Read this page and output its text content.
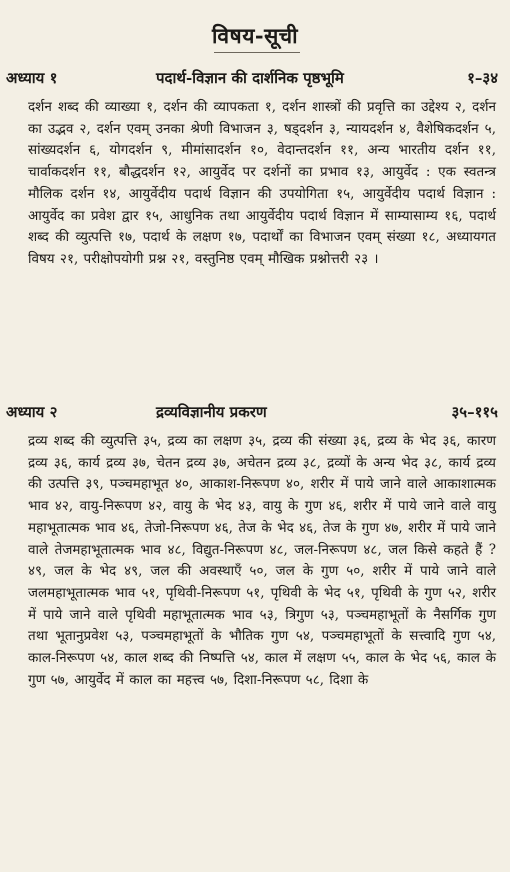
विषय-सूची
अध्याय १	पदार्थ-विज्ञान की दार्शनिक पृष्ठभूमि	१–३४

दर्शन शब्द की व्याख्या १, दर्शन की व्यापकता १, दर्शन शास्त्रों की प्रवृत्ति का उद्देश्य २, दर्शन का उद्भव २, दर्शन एवम् उनका श्रेणी विभाजन ३, षड्दर्शन ३, न्यायदर्शन ४, वैशेषिकदर्शन ५, सांख्यदर्शन ६, योगदर्शन ९, मीमांसादर्शन १०, वेदान्तदर्शन ११, अन्य भारतीय दर्शन ११, चार्वाकदर्शन ११, बौद्धदर्शन १२, आयुर्वेद पर दर्शनों का प्रभाव १३, आयुर्वेद : एक स्वतन्त्र मौलिक दर्शन १४, आयुर्वेदीय पदार्थ विज्ञान की उपयोगिता १५, आयुर्वेदीय पदार्थ विज्ञान : आयुर्वेद का प्रवेश द्वार १५, आधुनिक तथा आयुर्वेदीय पदार्थ विज्ञान में साम्यासाम्य १६, पदार्थ शब्द की व्युत्पत्ति १७, पदार्थ के लक्षण १७, पदार्थों का विभाजन एवम् संख्या १८, अध्यायगत विषय २१, परीक्षोपयोगी प्रश्न २१, वस्तुनिष्ठ एवम् मौखिक प्रश्नोत्तरी २३ ।

अध्याय २	द्रव्यविज्ञानीय प्रकरण	३५–११५

द्रव्य शब्द की व्युत्पत्ति ३५, द्रव्य का लक्षण ३५, द्रव्य की संख्या ३६, द्रव्य के भेद ३६, कारण द्रव्य ३६, कार्य द्रव्य ३७, चेतन द्रव्य ३७, अचेतन द्रव्य ३८, द्रव्यों के अन्य भेद ३८, कार्य द्रव्य की उत्पत्ति ३९, पञ्चमहाभूत ४०, आकाश-निरूपण ४०, शरीर में पाये जाने वाले आकाशात्मक भाव ४२, वायु-निरूपण ४२, वायु के भेद ४३, वायु के गुण ४६, शरीर में पाये जाने वाले वायु महाभूतात्मक भाव ४६, तेजो-निरूपण ४६, तेज के भेद ४६, तेज के गुण ४७, शरीर में पाये जाने वाले तेजमहाभूतात्मक भाव ४८, विद्युत-निरूपण ४८, जल-निरूपण ४८, जल किसे कहते हैं ? ४९, जल के भेद ४९, जल की अवस्थाएँ ५०, जल के गुण ५०, शरीर में पाये जाने वाले जलमहाभूतात्मक भाव ५१, पृथिवी-निरूपण ५१, पृथिवी के भेद ५१, पृथिवी के गुण ५२, शरीर में पाये जाने वाले पृथिवी महाभूतात्मक भाव ५३, त्रिगुण ५३, पञ्चमहाभूतों के नैसर्गिक गुण तथा भूतानुप्रवेश ५३, पञ्चमहाभूतों के भौतिक गुण ५४, पञ्चमहाभूतों के सत्त्वादि गुण ५४, काल-निरूपण ५४, काल शब्द की निष्पत्ति ५४, काल में लक्षण ५५, काल के भेद ५६, काल के गुण ५७, आयुर्वेद में काल का महत्त्व ५७, दिशा-निरूपण ५८, दिशा के
